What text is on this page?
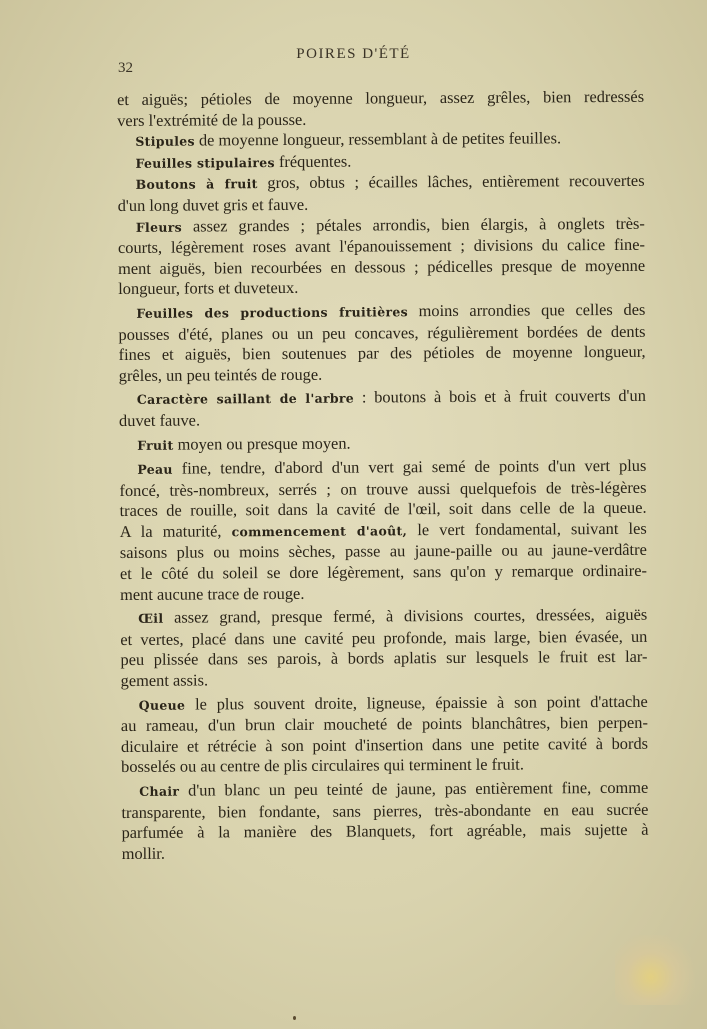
POIRES D'ÉTÉ
32
et aiguës; pétioles de moyenne longueur, assez grêles, bien redressés
vers l'extrémité de la pousse.
Stipules de moyenne longueur, ressemblant à de petites feuilles.
Feuilles stipulaires fréquentes.
Boutons à fruit gros, obtus ; écailles lâches, entièrement recouvertes
d'un long duvet gris et fauve.
Fleurs assez grandes ; pétales arrondis, bien élargis, à onglets très-
courts, légèrement roses avant l'épanouissement ; divisions du calice fine-
ment aiguës, bien recourbées en dessous ; pédicelles presque de moyenne
longueur, forts et duveteux.
Feuilles des productions fruitières moins arrondies que celles des
pousses d'été, planes ou un peu concaves, régulièrement bordées de dents
fines et aiguës, bien soutenues par des pétioles de moyenne longueur,
grêles, un peu teintés de rouge.
Caractère saillant de l'arbre : boutons à bois et à fruit couverts d'un
duvet fauve.
Fruit moyen ou presque moyen.
Peau fine, tendre, d'abord d'un vert gai semé de points d'un vert plus
foncé, très-nombreux, serrés ; on trouve aussi quelquefois de très-légères
traces de rouille, soit dans la cavité de l'œil, soit dans celle de la queue.
A la maturité, commencement d'août, le vert fondamental, suivant les
saisons plus ou moins sèches, passe au jaune-paille ou au jaune-verdâtre
et le côté du soleil se dore légèrement, sans qu'on y remarque ordinaire-
ment aucune trace de rouge.
Œil assez grand, presque fermé, à divisions courtes, dressées, aiguës
et vertes, placé dans une cavité peu profonde, mais large, bien évasée, un
peu plissée dans ses parois, à bords aplatis sur lesquels le fruit est lar-
gement assis.
Queue le plus souvent droite, ligneuse, épaissie à son point d'attache
au rameau, d'un brun clair moucheté de points blanchâtres, bien perpen-
diculaire et rétrécie à son point d'insertion dans une petite cavité à bords
bosselés ou au centre de plis circulaires qui terminent le fruit.
Chair d'un blanc un peu teinté de jaune, pas entièrement fine, comme
transparente, bien fondante, sans pierres, très-abondante en eau sucrée
parfumée à la manière des Blanquets, fort agréable, mais sujette à
mollir.
